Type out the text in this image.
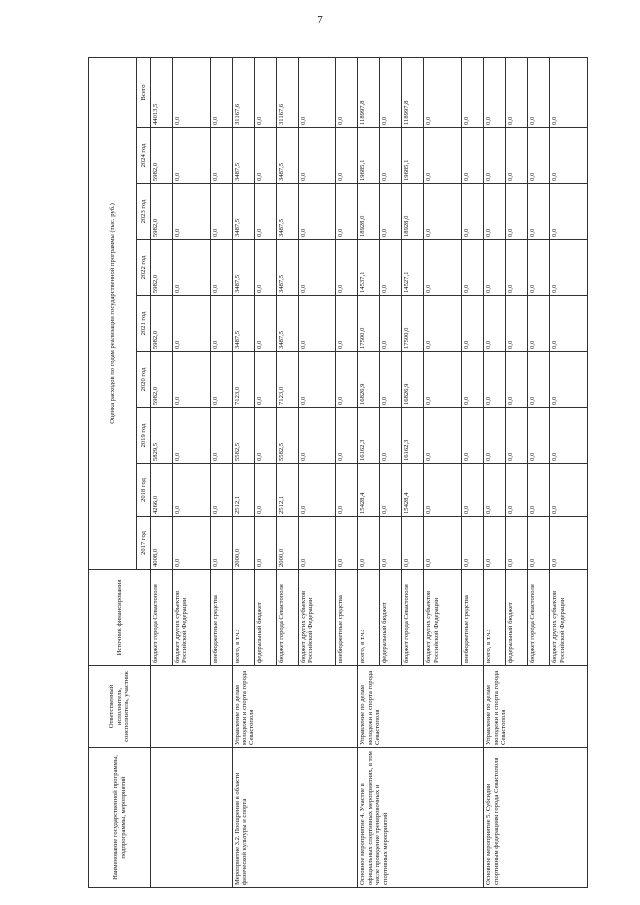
7
Наименование государственной программы, подпрограммы, мероприятий	Ответственный исполнитель, соисполнитель, участник	Источник финансирования	Оценка расходов по годам реализации государственной программы (тыс. руб.)								
			2017 год	2018 год	2019 год	2020 год	2021 год	2022 год	2023 год	2024 год	Всего
		бюджет города Севастополя	4008,0	4266,0	5829,5	5982,0	5982,0	5982,0	5982,0	5982,0	44013,5
		бюджет других субъектов Российской Федерации	0,0	0,0	0,0	0,0	0,0	0,0	0,0	0,0	0,0
		внебюджетные средства	0,0	0,0	0,0	0,0	0,0	0,0	0,0	0,0	0,0
Мероприятие 3.2. Поощрения в области физической культуры и спорта	Управление по делам молодежи и спорта города Севастополя	всего, в т.ч.:	2000,0	2512,1	5582,5	7123,0	3487,5	3487,5	3487,5	3487,5	31167,6
		федеральный бюджет	0,0	0,0	0,0	0,0	0,0	0,0	0,0	0,0	0,0
		бюджет города Севастополя	2000,0	2512,1	5582,5	7123,0	3487,5	3487,5	3487,5	3487,5	31167,6
		бюджет других субъектов Российской Федерации	0,0	0,0	0,0	0,0	0,0	0,0	0,0	0,0	0,0
		внебюджетные средства	0,0	0,0	0,0	0,0	0,0	0,0	0,0	0,0	0,0
Основное мероприятие 4. Участие в официальных спортивных мероприятиях, в том числе проведение тренировочных и спортивных мероприятий	Управление по делам молодежи и спорта города Севастополя	всего, в т.ч.:	0,0	15428,4	16162,3	16826,9	17500,0	14537,1	18928,0	19685,1	118997,8
		федеральный бюджет	0,0	0,0	0,0	0,0	0,0	0,0	0,0	0,0	0,0
		бюджет города Севастополя	0,0	15428,4	16162,3	16826,9	17500,0	14527,1	18928,0	19685,1	118997,8
		бюджет других субъектов Российской Федерации	0,0	0,0	0,0	0,0	0,0	0,0	0,0	0,0	0,0
		внебюджетные средства	0,0	0,0	0,0	0,0	0,0	0,0	0,0	0,0	0,0
Основное мероприятие 5. Субсидии спортивным федерациям города Севастополя	Управление по делам молодежи и спорта города Севастополя	всего, в т.ч.:	0,0	0,0	0,0	0,0	0,0	0,0	0,0	0,0	0,0
		федеральный бюджет	0,0	0,0	0,0	0,0	0,0	0,0	0,0	0,0	0,0
		бюджет города Севастополя	0,0	0,0	0,0	0,0	0,0	0,0	0,0	0,0	0,0
		бюджет других субъектов Российской Федерации	0,0	0,0	0,0	0,0	0,0	0,0	0,0	0,0	0,0
